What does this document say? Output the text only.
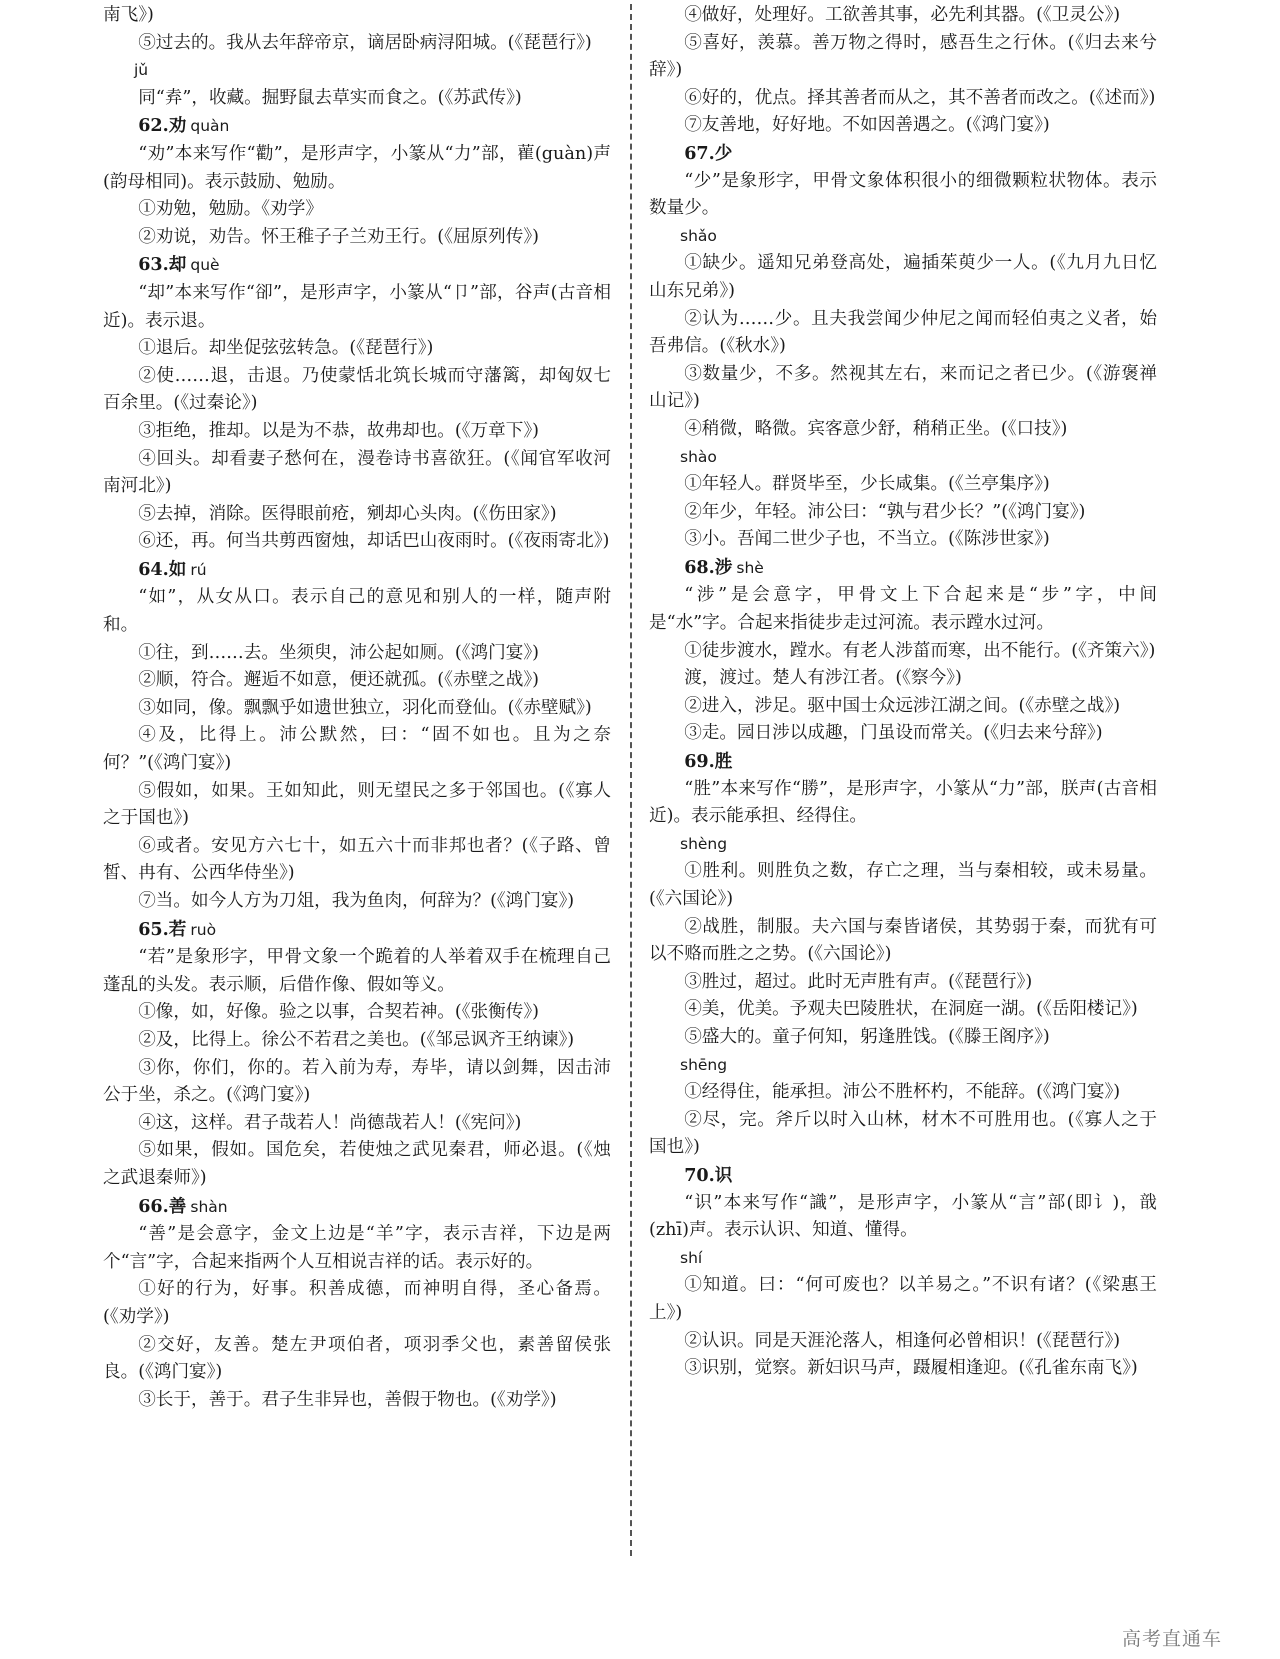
南飞》)

⑤过去的。我从去年辞帝京，谪居卧病浔阳城。(《琵琶行》)

jǔ

同“弆”，收藏。掘野鼠去草实而食之。(《苏武传》)

62.劝 quàn

“劝”本来写作“勸”，是形声字，小篆从“力”部，雚(guàn)声(韵母相同)。表示鼓励、勉励。

①劝勉，勉励。《劝学》

②劝说，劝告。怀王稚子子兰劝王行。(《屈原列传》)

63.却 què

“却”本来写作“卻”，是形声字，小篆从“卩”部，谷声(古音相近)。表示退。

①退后。却坐促弦弦转急。(《琵琶行》)

②使……退，击退。乃使蒙恬北筑长城而守藩篱，却匈奴七百余里。(《过秦论》)

③拒绝，推却。以是为不恭，故弗却也。(《万章下》)

④回头。却看妻子愁何在，漫卷诗书喜欲狂。(《闻官军收河南河北》)

⑤去掉，消除。医得眼前疮，剜却心头肉。(《伤田家》)

⑥还，再。何当共剪西窗烛，却话巴山夜雨时。(《夜雨寄北》)

64.如 rú

“如”，从女从口。表示自己的意见和别人的一样，随声附和。

①往，到……去。坐须臾，沛公起如厕。(《鸿门宴》)

②顺，符合。邂逅不如意，便还就孤。(《赤壁之战》)

③如同，像。飘飘乎如遗世独立，羽化而登仙。(《赤壁赋》)

④及，比得上。沛公默然，曰：“固不如也。且为之奈何？”(《鸿门宴》)

⑤假如，如果。王如知此，则无望民之多于邻国也。(《寡人之于国也》)

⑥或者。安见方六七十，如五六十而非邦也者？(《子路、曾皙、冉有、公西华侍坐》)

⑦当。如今人方为刀俎，我为鱼肉，何辞为？(《鸿门宴》)

65.若 ruò

“若”是象形字，甲骨文象一个跪着的人举着双手在梳理自己蓬乱的头发。表示顺，后借作像、假如等义。

①像，如，好像。验之以事，合契若神。(《张衡传》)

②及，比得上。徐公不若君之美也。(《邹忌讽齐王纳谏》)

③你，你们，你的。若入前为寿，寿毕，请以剑舞，因击沛公于坐，杀之。(《鸿门宴》)

④这，这样。君子哉若人！尚德哉若人！(《宪问》)

⑤如果，假如。国危矣，若使烛之武见秦君，师必退。(《烛之武退秦师》)

66.善 shàn

“善”是会意字，金文上边是“羊”字，表示吉祥，下边是两个“言”字，合起来指两个人互相说吉祥的话。表示好的。

①好的行为，好事。积善成德，而神明自得，圣心备焉。(《劝学》)

②交好，友善。楚左尹项伯者，项羽季父也，素善留侯张良。(《鸿门宴》)

③长于，善于。君子生非异也，善假于物也。(《劝学》)

④做好，处理好。工欲善其事，必先利其器。(《卫灵公》)

⑤喜好，羡慕。善万物之得时，感吾生之行休。(《归去来兮辞》)

⑥好的，优点。择其善者而从之，其不善者而改之。(《述而》)

⑦友善地，好好地。不如因善遇之。(《鸿门宴》)

67.少

“少”是象形字，甲骨文象体积很小的细微颗粒状物体。表示数量少。

shǎo

①缺少。遥知兄弟登高处，遍插茱萸少一人。(《九月九日忆山东兄弟》)

②认为……少。且夫我尝闻少仲尼之闻而轻伯夷之义者，始吾弗信。(《秋水》)

③数量少，不多。然视其左右，来而记之者已少。(《游褒禅山记》)

④稍微，略微。宾客意少舒，稍稍正坐。(《口技》)

shào

①年轻人。群贤毕至，少长咸集。(《兰亭集序》)

②年少，年轻。沛公曰：“孰与君少长？”(《鸿门宴》)

③小。吾闻二世少子也，不当立。(《陈涉世家》)

68.涉 shè

“涉”是会意字，甲骨文上下合起来是“步”字，中间是“水”字。合起来指徒步走过河流。表示蹚水过河。

①徒步渡水，蹚水。有老人涉菑而寒，出不能行。(《齐策六》)

渡，渡过。楚人有涉江者。(《察今》)

②进入，涉足。驱中国士众远涉江湖之间。(《赤壁之战》)

③走。园日涉以成趣，门虽设而常关。(《归去来兮辞》)

69.胜

“胜”本来写作“勝”，是形声字，小篆从“力”部，朕声(古音相近)。表示能承担、经得住。

shèng

①胜利。则胜负之数，存亡之理，当与秦相较，或未易量。(《六国论》)

②战胜，制服。夫六国与秦皆诸侯，其势弱于秦，而犹有可以不赂而胜之之势。(《六国论》)

③胜过，超过。此时无声胜有声。(《琵琶行》)

④美，优美。予观夫巴陵胜状，在洞庭一湖。(《岳阳楼记》)

⑤盛大的。童子何知，躬逢胜饯。(《滕王阁序》)

shēng

①经得住，能承担。沛公不胜杯杓，不能辞。(《鸿门宴》)

②尽，完。斧斤以时入山林，材木不可胜用也。(《寡人之于国也》)

70.识

“识”本来写作“識”，是形声字，小篆从“言”部(即讠)，戠(zhī)声。表示认识、知道、懂得。

shí

①知道。曰：“何可废也？以羊易之。”不识有诸？(《梁惠王上》)

②认识。同是天涯沦落人，相逢何必曾相识！(《琵琶行》)

③识别，觉察。新妇识马声，蹑履相逢迎。(《孔雀东南飞》)

高考直通车
